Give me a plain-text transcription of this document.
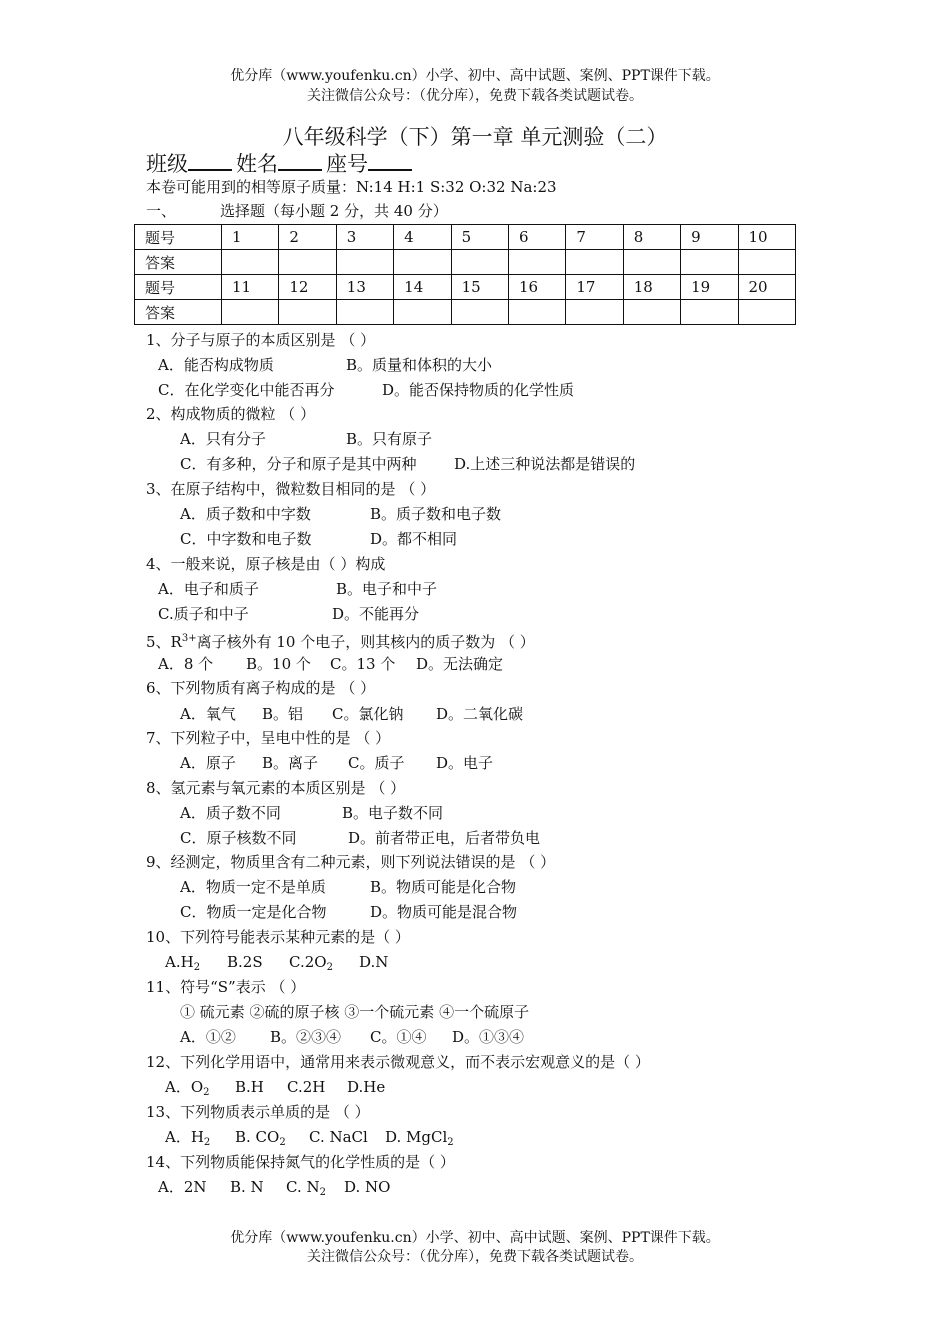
优分库（www.youfenku.cn）小学、初中、高中试题、案例、PPT课件下载。
关注微信公众号：（优分库），免费下载各类试题试卷。
八年级科学（下）第一章 单元测验（二）
班级 姓名 座号
本卷可能用到的相等原子质量：N:14 H:1 S:32 O:32 Na:23
一、	选择题（每小题 2 分，共 40 分）
题号	1	2	3	4	5	6	7	8	9	10
答案										
题号	11	12	13	14	15	16	17	18	19	20
答案										
1、分子与原子的本质区别是 （ ）
A．能否构成物质	B。质量和体积的大小
C．在化学变化中能否再分	D。能否保持物质的化学性质
2、构成物质的微粒 （ ）
A．只有分子	B。只有原子
C．有多种，分子和原子是其中两种	D.上述三种说法都是错误的
3、在原子结构中，微粒数目相同的是 （ ）
A．质子数和中字数	B。质子数和电子数
C．中字数和电子数	D。都不相同
4、一般来说，原子核是由（ ）构成
A．电子和质子	B。电子和中子
C.质子和中子	D。不能再分
5、$R^{3+}$离子核外有 10 个电子，则其核内的质子数为 （ ）
A．8 个 B。10 个 C。13 个 D。无法确定
6、下列物质有离子构成的是 （ ）
A．氧气 B。铝 C。氯化钠 D。二氧化碳
7、下列粒子中，呈电中性的是 （ ）
A．原子 B。离子 C。质子 D。电子
8、氢元素与氧元素的本质区别是 （ ）
A．质子数不同	B。电子数不同
C．原子核数不同	D。前者带正电，后者带负电
9、经测定，物质里含有二种元素，则下列说法错误的是 （ ）
A．物质一定不是单质	B。物质可能是化合物
C．物质一定是化合物	D。物质可能是混合物
10、下列符号能表示某种元素的是（ ）
$A.H_2$ B.2S $C.2O_2$ D.N
11、符号“S”表示 （ ）
① 硫元素 ②硫的原子核 ③一个硫元素 ④一个硫原子
A．①② B。②③④ C。①④ D。①③④
12、下列化学用语中，通常用来表示微观意义，而不表示宏观意义的是（ ）
A．$O_2$ B.H C.2H D.He
13、下列物质表示单质的是 （ ）
A．$H_2$ B. $CO_2$ C. NaCl D. MgCl$_2$
14、下列物质能保持氮气的化学性质的是（ ）
A．2N B. N C. $N_2$ D. NO
优分库（www.youfenku.cn）小学、初中、高中试题、案例、PPT课件下载。
关注微信公众号：（优分库），免费下载各类试题试卷。
